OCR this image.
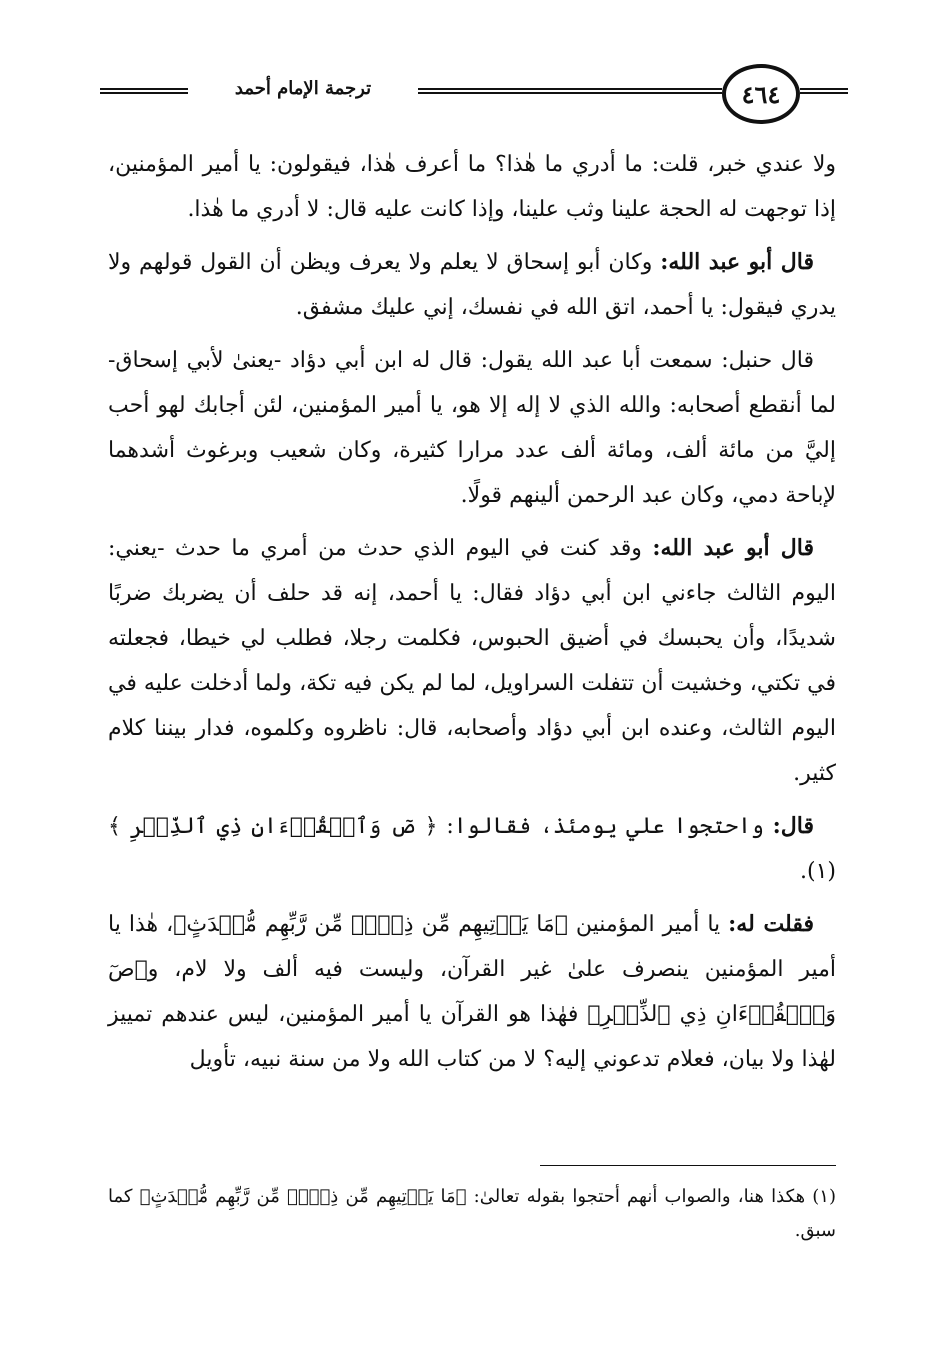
٤٦٤
ترجمة الإمام أحمد

ولا عندي خبر، قلت: ما أدري ما هٰذا؟ ما أعرف هٰذا، فيقولون: يا أمير المؤمنين، إذا توجهت له الحجة علينا وثب علينا، وإذا كانت عليه قال: لا أدري ما هٰذا.

قال أبو عبد الله: وكان أبو إسحاق لا يعلم ولا يعرف ويظن أن القول قولهم ولا يدري فيقول: يا أحمد، اتق الله في نفسك، إني عليك مشفق.

قال حنبل: سمعت أبا عبد الله يقول: قال له ابن أبي دؤاد -يعنىٰ لأبي إسحاق- لما أنقطع أصحابه: والله الذي لا إله إلا هو، يا أمير المؤمنين، لئن أجابك لهو أحب إليَّ من مائة ألف، ومائة ألف عدد مرارا كثيرة، وكان شعيب وبرغوث أشدهما لإباحة دمي، وكان عبد الرحمن ألينهم قولًا.

قال أبو عبد الله: وقد كنت في اليوم الذي حدث من أمري ما حدث -يعني: اليوم الثالث جاءني ابن أبي دؤاد فقال: يا أحمد، إنه قد حلف أن يضربك ضربًا شديدًا، وأن يحبسك في أضيق الحبوس، فكلمت رجلا، فطلب لي خيطا، فجعلته في تكتي، وخشيت أن تتفلت السراويل، لما لم يكن فيه تكة، ولما أدخلت عليه في اليوم الثالث، وعنده ابن أبي دؤاد وأصحابه، قال: ناظروه وكلموه، فدار بيننا كلام كثير.

قال: واحتجوا علي يومئذ، فقالوا: ﴿ صٓ وَٱلۡقُرۡءَانِ ذِي ٱلذِّكۡرِ ﴾(١).

فقلت له: يا أمير المؤمنين ﴿مَا يَأۡتِيهِم مِّن ذِكۡرٖ مِّن رَّبِّهِم مُّحۡدَثٍ﴾، هٰذا يا أمير المؤمنين ينصرف علىٰ غير القرآن، وليست فيه ألف ولا لام، و﴿صٓ وَٱلۡقُرۡءَانِ ذِي ٱلذِّكۡرِ﴾ فهٰذا هو القرآن يا أمير المؤمنين، ليس عندهم تمييز لهٰذا ولا بيان، فعلام تدعوني إليه؟ لا من كتاب الله ولا من سنة نبيه، تأويل

(١) هكذا هنا، والصواب أنهم أحتجوا بقوله تعالىٰ: ﴿مَا يَأۡتِيهِم مِّن ذِكۡرٖ مِّن رَّبِّهِم مُّحۡدَثٍ﴾ كما سبق.
